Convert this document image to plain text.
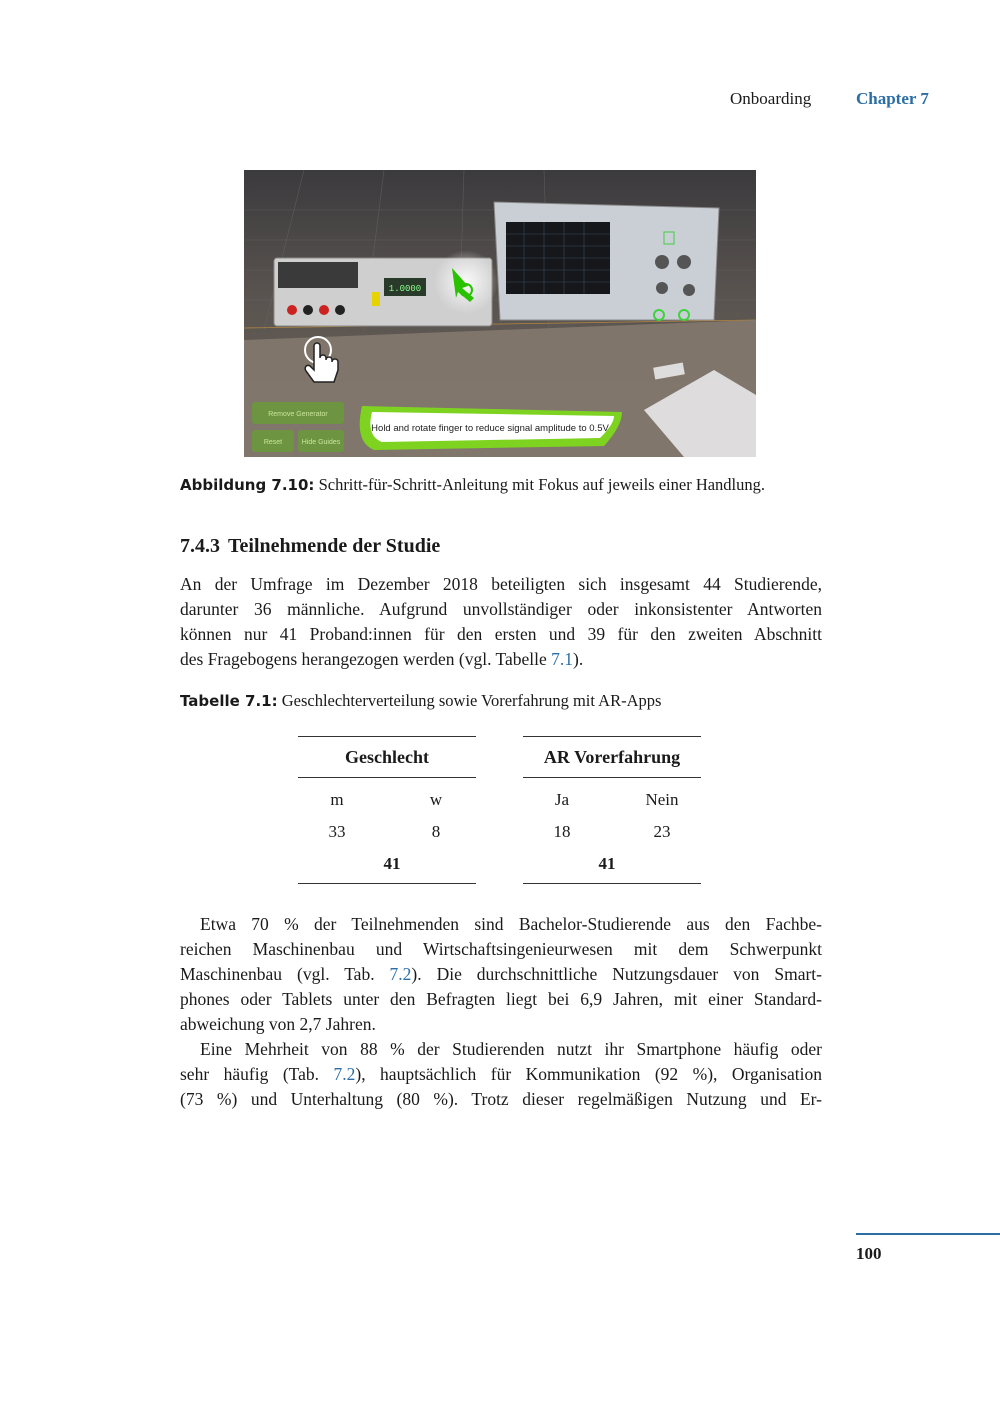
Onboarding	Chapter 7
1.0000
Remove Generator
Reset	Hide Guides
Hold and rotate finger to reduce signal amplitude to 0.5V
Abbildung 7.10: Schritt-für-Schritt-Anleitung mit Fokus auf jeweils einer Handlung.
7.4.3 Teilnehmende der Studie
An der Umfrage im Dezember 2018 beteiligten sich insgesamt 44 Studierende,
darunter 36 männliche. Aufgrund unvollständiger oder inkonsistenter Antworten
können nur 41 Proband:innen für den ersten und 39 für den zweiten Abschnitt
des Fragebogens herangezogen werden (vgl. Tabelle 7.1).
Tabelle 7.1: Geschlechterverteilung sowie Vorerfahrung mit AR-Apps
Geschlecht	AR Vorerfahrung
m	w	Ja	Nein
33	8	18	23
41	41
Etwa 70 % der Teilnehmenden sind Bachelor-Studierende aus den Fachbe-
reichen Maschinenbau und Wirtschaftsingenieurwesen mit dem Schwerpunkt
Maschinenbau (vgl. Tab. 7.2). Die durchschnittliche Nutzungsdauer von Smart-
phones oder Tablets unter den Befragten liegt bei 6,9 Jahren, mit einer Standard-
abweichung von 2,7 Jahren.
Eine Mehrheit von 88 % der Studierenden nutzt ihr Smartphone häufig oder
sehr häufig (Tab. 7.2), hauptsächlich für Kommunikation (92 %), Organisation
(73 %) und Unterhaltung (80 %). Trotz dieser regelmäßigen Nutzung und Er-
100
